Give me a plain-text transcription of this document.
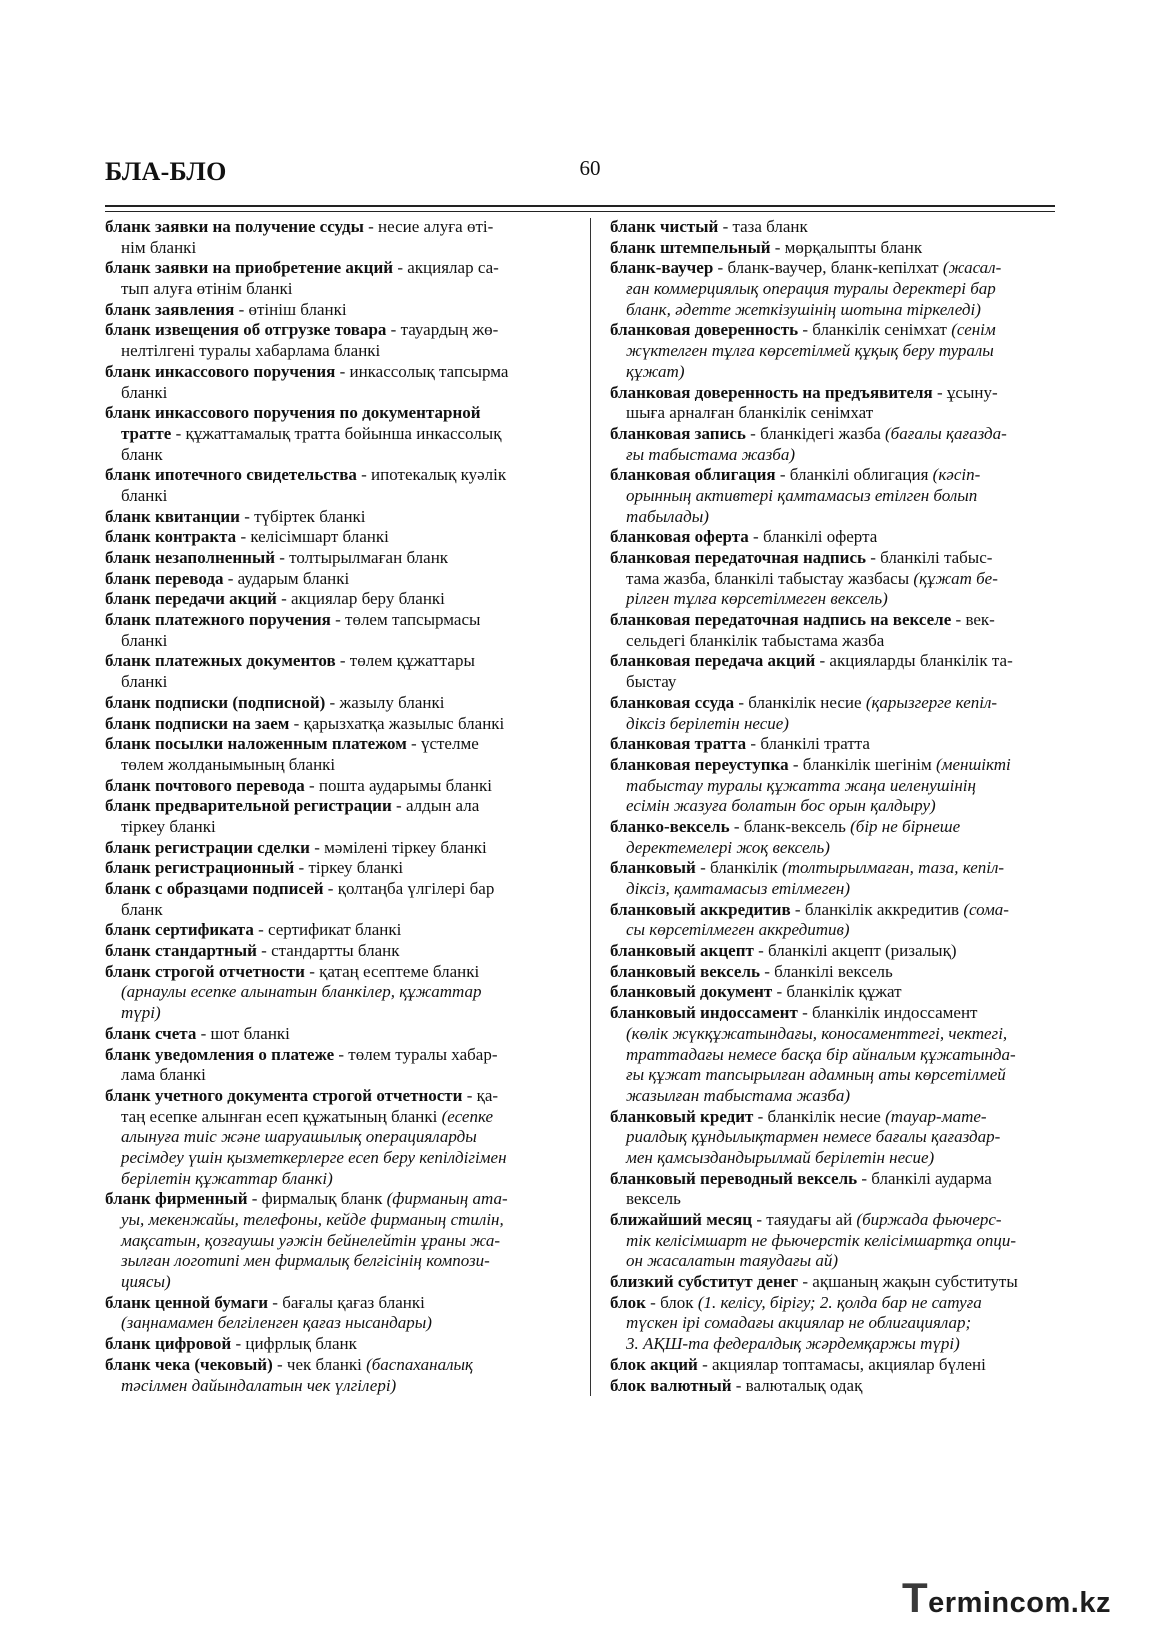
БЛА-БЛО	60
бланк заявки на получение ссуды - несие алуға өті-
нім бланкі
бланк заявки на приобретение акций - акциялар са-
тып алуға өтінім бланкі
бланк заявления - өтініш бланкі
бланк извещения об отгрузке товара - тауардың жө-
нелтілгені туралы хабарлама бланкі
бланк инкассового поручения - инкассолық тапсырма
бланкі
бланк инкассового поручения по документарной
тратте - құжаттамалық тратта бойынша инкассолық
бланк
бланк ипотечного свидетельства - ипотекалық куәлік
бланкі
бланк квитанции - түбіртек бланкі
бланк контракта - келісімшарт бланкі
бланк незаполненный - толтырылмаған бланк
бланк перевода - аударым бланкі
бланк передачи акций - акциялар беру бланкі
бланк платежного поручения - төлем тапсырмасы
бланкі
бланк платежных документов - төлем құжаттары
бланкі
бланк подписки (подписной) - жазылу бланкі
бланк подписки на заем - қарызхатқа жазылыс бланкі
бланк посылки наложенным платежом - үстелме
төлем жолданымының бланкі
бланк почтового перевода - пошта аударымы бланкі
бланк предварительной регистрации - алдын ала
тіркеу бланкі
бланк регистрации сделки - мәмілені тіркеу бланкі
бланк регистрационный - тіркеу бланкі
бланк с образцами подписей - қолтаңба үлгілері бар
бланк
бланк сертификата - сертификат бланкі
бланк стандартный - стандартты бланк
бланк строгой отчетности - қатаң есептеме бланкі
(арнаулы есепке алынатын бланкілер, құжаттар
түрі)
бланк счета - шот бланкі
бланк уведомления о платеже - төлем туралы хабар-
лама бланкі
бланк учетного документа строгой отчетности - қа-
таң есепке алынған есеп құжатының бланкі (есепке
алынуға тиіс және шаруашылық операцияларды
ресімдеу үшін қызметкерлерге есеп беру кепілдігімен
берілетін құжаттар бланкі)
бланк фирменный - фирмалық бланк (фирманың ата-
уы, мекенжайы, телефоны, кейде фирманың стилін,
мақсатын, қозғаушы уәжін бейнелейтін ұраны жа-
зылған логотипі мен фирмалық белгісінің компози-
циясы)
бланк ценной бумаги - бағалы қағаз бланкі
(заңнамамен белгіленген қағаз нысандары)
бланк цифровой - цифрлық бланк
бланк чека (чековый) - чек бланкі (баспаханалық
тәсілмен дайындалатын чек үлгілері)
бланк чистый - таза бланк
бланк штемпельный - мөрқалыпты бланк
бланк-ваучер - бланк-ваучер, бланк-кепілхат (жасал-
ған коммерциялық операция туралы деректері бар
бланк, әдетте жеткізушінің шотына тіркеледі)
бланковая доверенность - бланкілік сенімхат (сенім
жүктелген тұлға көрсетілмей құқық беру туралы
құжат)
бланковая доверенность на предъявителя - ұсыну-
шыға арналған бланкілік сенімхат
бланковая запись - бланкідегі жазба (бағалы қағазда-
ғы табыстама жазба)
бланковая облигация - бланкілі облигация (кәсіп-
орынның активтері қамтамасыз етілген болып
табылады)
бланковая оферта - бланкілі оферта
бланковая передаточная надпись - бланкілі табыс-
тама жазба, бланкілі табыстау жазбасы (құжат бе-
рілген тұлға көрсетілмеген вексель)
бланковая передаточная надпись на векселе - век-
сельдегі бланкілік табыстама жазба
бланковая передача акций - акцияларды бланкілік та-
быстау
бланковая ссуда - бланкілік несие (қарызгерге кепіл-
діксіз берілетін несие)
бланковая тратта - бланкілі тратта
бланковая переуступка - бланкілік шегінім (меншікті
табыстау туралы құжатта жаңа иеленушінің
есімін жазуға болатын бос орын қалдыру)
бланко-вексель - бланк-вексель (бір не бірнеше
деректемелері жоқ вексель)
бланковый - бланкілік (толтырылмаған, таза, кепіл-
діксіз, қамтамасыз етілмеген)
бланковый аккредитив - бланкілік аккредитив (сома-
сы көрсетілмеген аккредитив)
бланковый акцепт - бланкілі акцепт (ризалық)
бланковый вексель - бланкілі вексель
бланковый документ - бланкілік құжат
бланковый индоссамент - бланкілік индоссамент
(көлік жүкқұжатындағы, коносаменттегі, чектегі,
траттадағы немесе басқа бір айналым құжатында-
ғы құжат тапсырылған адамның аты көрсетілмей
жазылған табыстама жазба)
бланковый кредит - бланкілік несие (тауар-мате-
риалдық құндылықтармен немесе бағалы қағаздар-
мен қамсыздандырылмай берілетін несие)
бланковый переводный вексель - бланкілі аударма
вексель
ближайший месяц - таяудағы ай (биржада фьючерс-
тік келісімшарт не фьючерстік келісімшартқа опци-
он жасалатын таяудағы ай)
близкий субститут денег - ақшаның жақын субституты
блок - блок (1. келісу, бірігу; 2. қолда бар не сатуға
түскен ірі сомадағы акциялар не облигациялар;
3. АҚШ-та федералдық жәрдемқаржы түрі)
блок акций - акциялар топтамасы, акциялар бүлені
блок валютный - валюталық одақ
Termincom.kz
